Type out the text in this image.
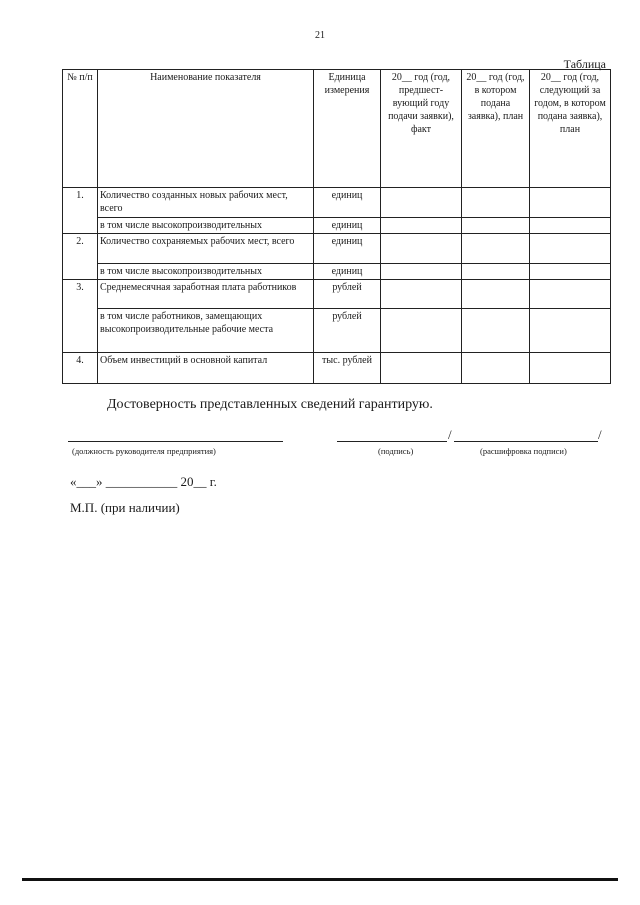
21
Таблица
№ п/п	Наименование показателя	Единица измерения	20__ год (год, предшест- вующий году подачи заявки), факт	20__ год (год, в котором подана заявка), план	20__ год (год, следующий за годом, в котором подана заявка), план
1.	Количество созданных новых рабочих мест, всего	единиц			
	в том числе высокопроизводительных	единиц			
2.	Количество сохраняемых рабочих мест, всего	единиц			
	в том числе высокопроизводительных	единиц			
3.	Среднемесячная заработная плата работников	рублей			
	в том числе работников, замещающих высокопроизводительные рабочие места	рублей			
4.	Объем инвестиций в основной капитал	тыс. рублей			
Достоверность представленных сведений гарантирую.
/	/
(должность руководителя предприятия)	(подпись)	(расшифровка подписи)
«___» ___________ 20__ г.
М.П. (при наличии)
